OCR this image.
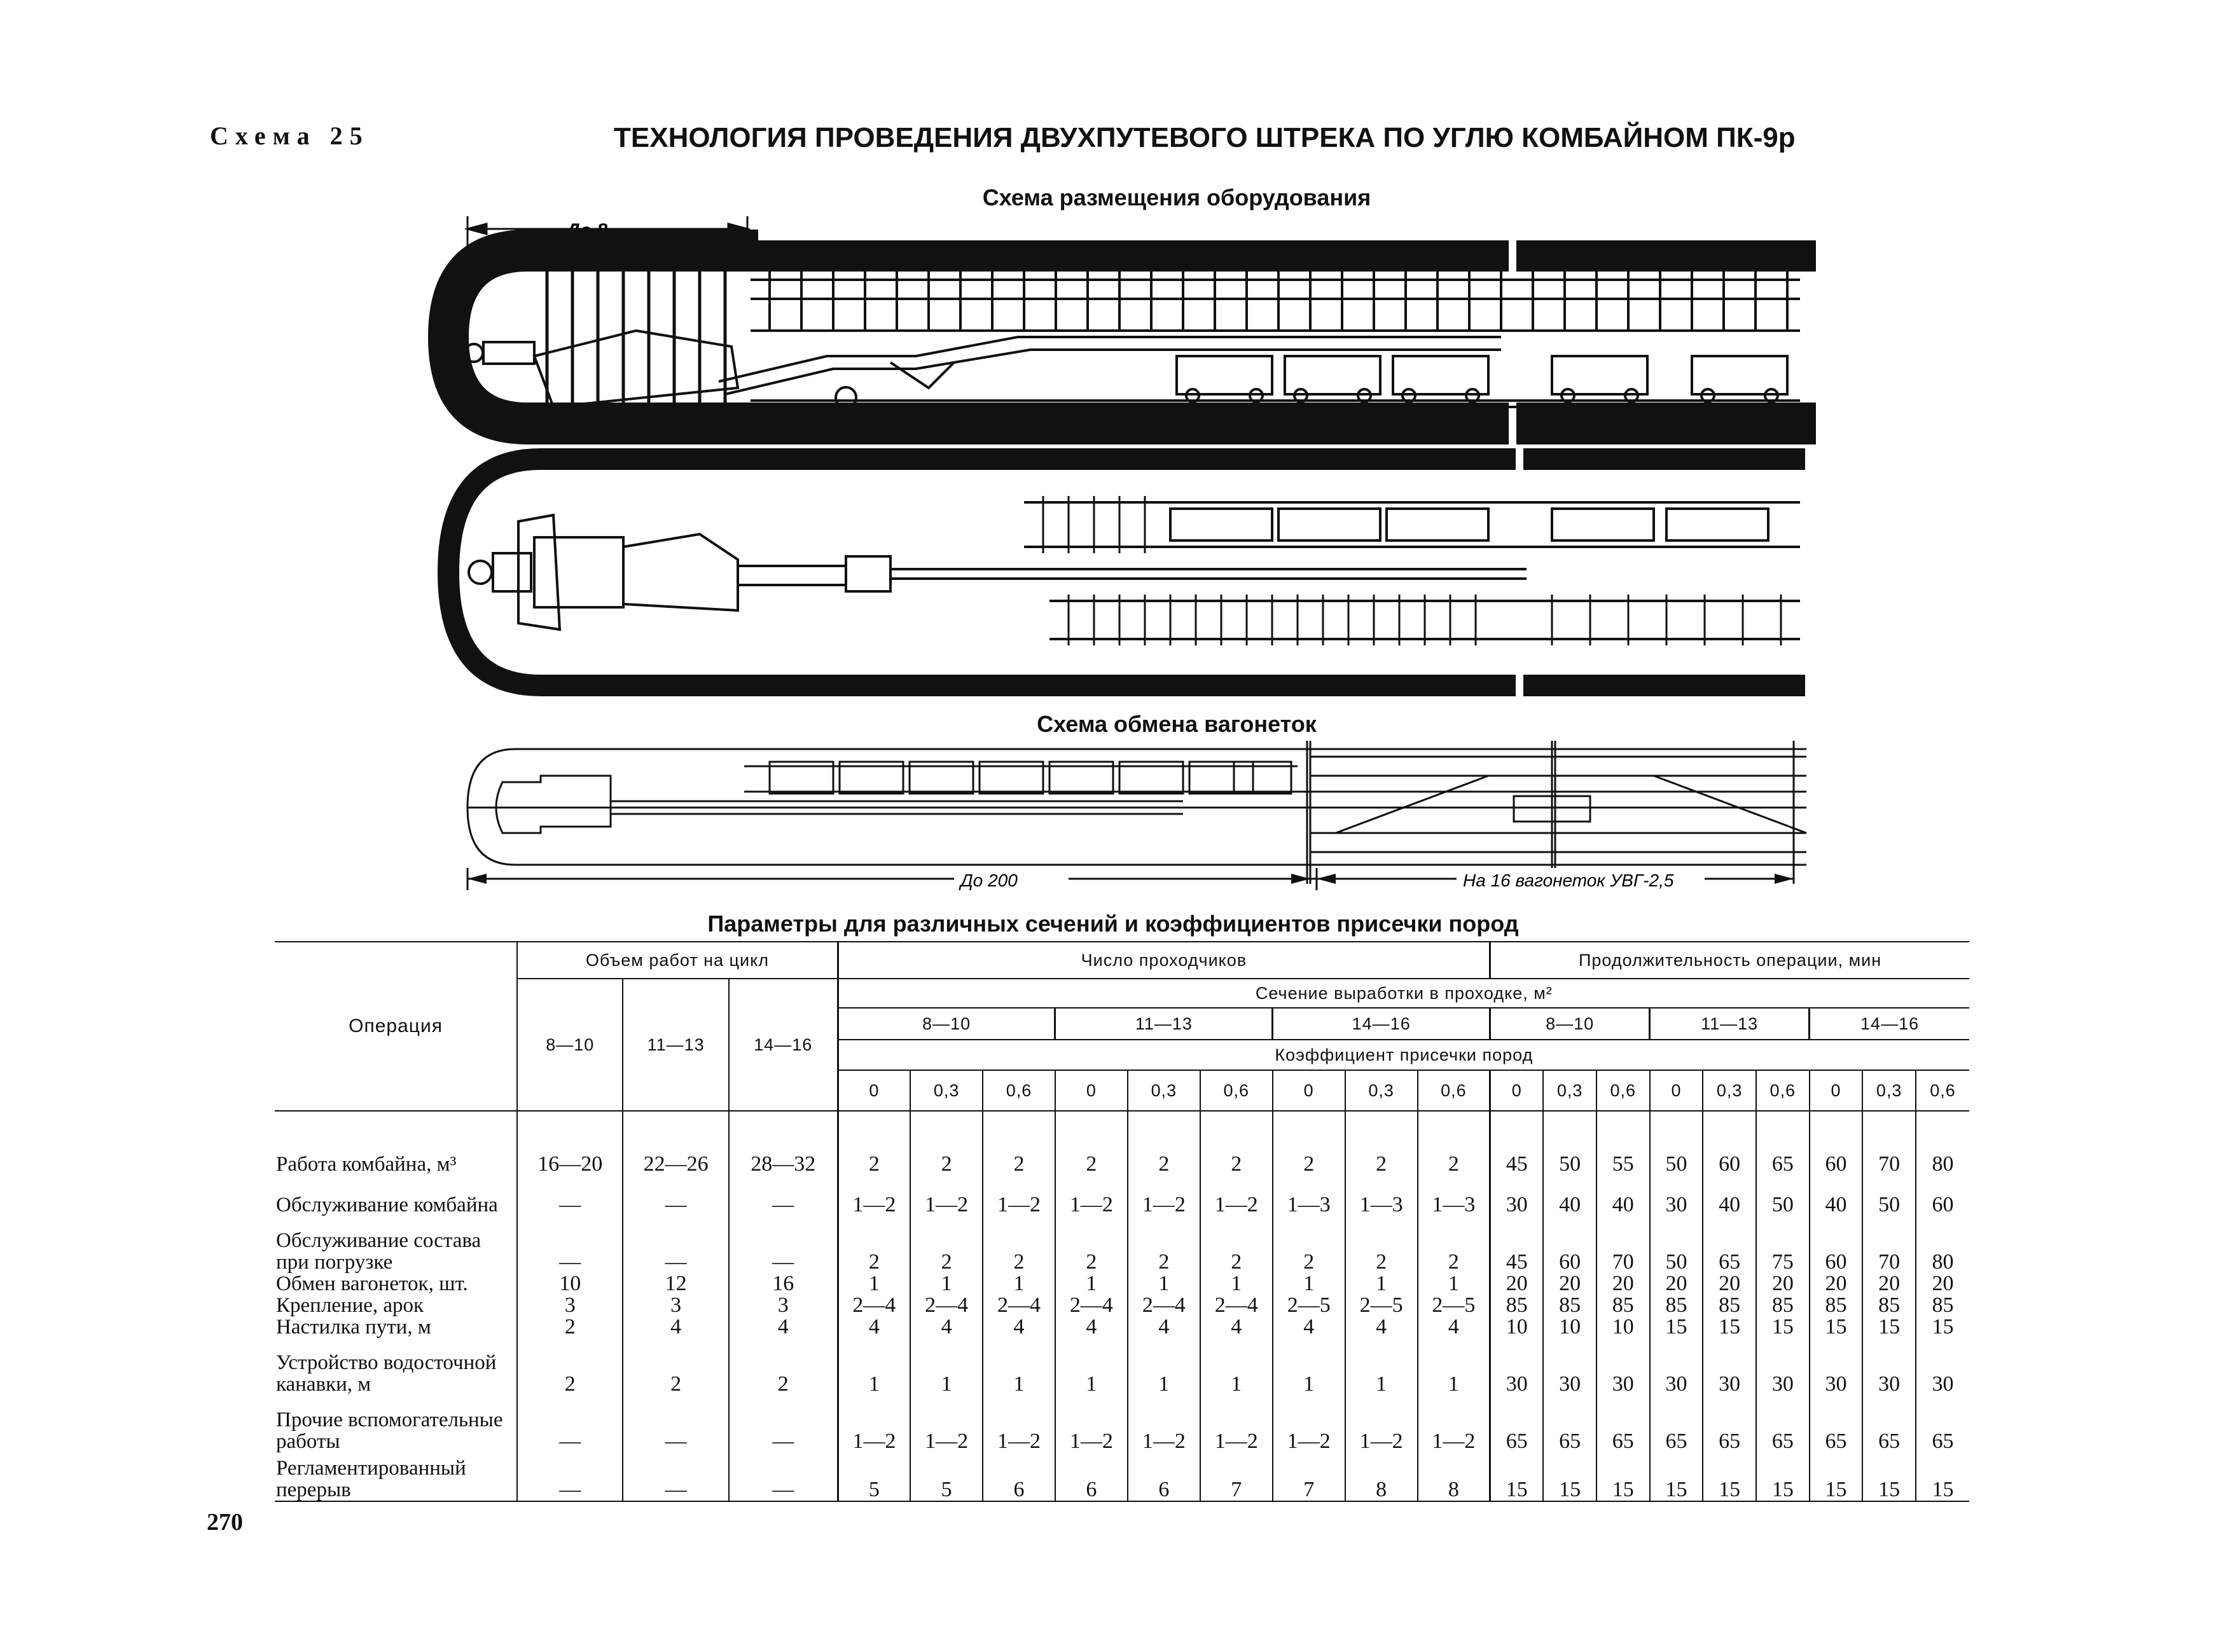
Схема 25	ТЕХНОЛОГИЯ ПРОВЕДЕНИЯ ДВУХПУТЕВОГО ШТРЕКА ПО УГЛЮ КОМБАЙНОМ ПК-9р
Схема размещения оборудования
До 8
Схема обмена вагонеток
До 200	На 16 вагонеток УВГ-2,5
Параметры для различных сечений и коэффициентов присечки пород
Операция	Объем работ на цикл			Число проходчиков									Продолжительность операции, мин								
	8—10	11—13	14—16	Сечение выработки в проходке, м²																	
				8—10			11—13			14—16			8—10			11—13			14—16		
				Коэффициент присечки пород																	
				0	0,3	0,6	0	0,3	0,6	0	0,3	0,6	0	0,3	0,6	0	0,3	0,6	0	0,3	0,6

Работа комбайна, м³	16—20	22—26	28—32	2	2	2	2	2	2	2	2	2	45	50	55	50	60	65	60	70	80
Обслуживание комбайна	—	—	—	1—2	1—2	1—2	1—2	1—2	1—2	1—3	1—3	1—3	30	40	40	30	40	50	40	50	60
Обслуживание состава при погрузке	—	—	—	2	2	2	2	2	2	2	2	2	45	60	70	50	65	75	60	70	80
Обмен вагонеток, шт.	10	12	16	1	1	1	1	1	1	1	1	1	20	20	20	20	20	20	20	20	20
Крепление, арок	3	3	3	2—4	2—4	2—4	2—4	2—4	2—4	2—5	2—5	2—5	85	85	85	85	85	85	85	85	85
Настилка пути, м	2	4	4	4	4	4	4	4	4	4	4	4	10	10	10	15	15	15	15	15	15
Устройство водосточной канавки, м	2	2	2	1	1	1	1	1	1	1	1	1	30	30	30	30	30	30	30	30	30
Прочие вспомогательные работы	—	—	—	1—2	1—2	1—2	1—2	1—2	1—2	1—2	1—2	1—2	65	65	65	65	65	65	65	65	65
Регламентированный перерыв	—	—	—	5	5	6	6	6	7	7	8	8	15	15	15	15	15	15	15	15	15
270
